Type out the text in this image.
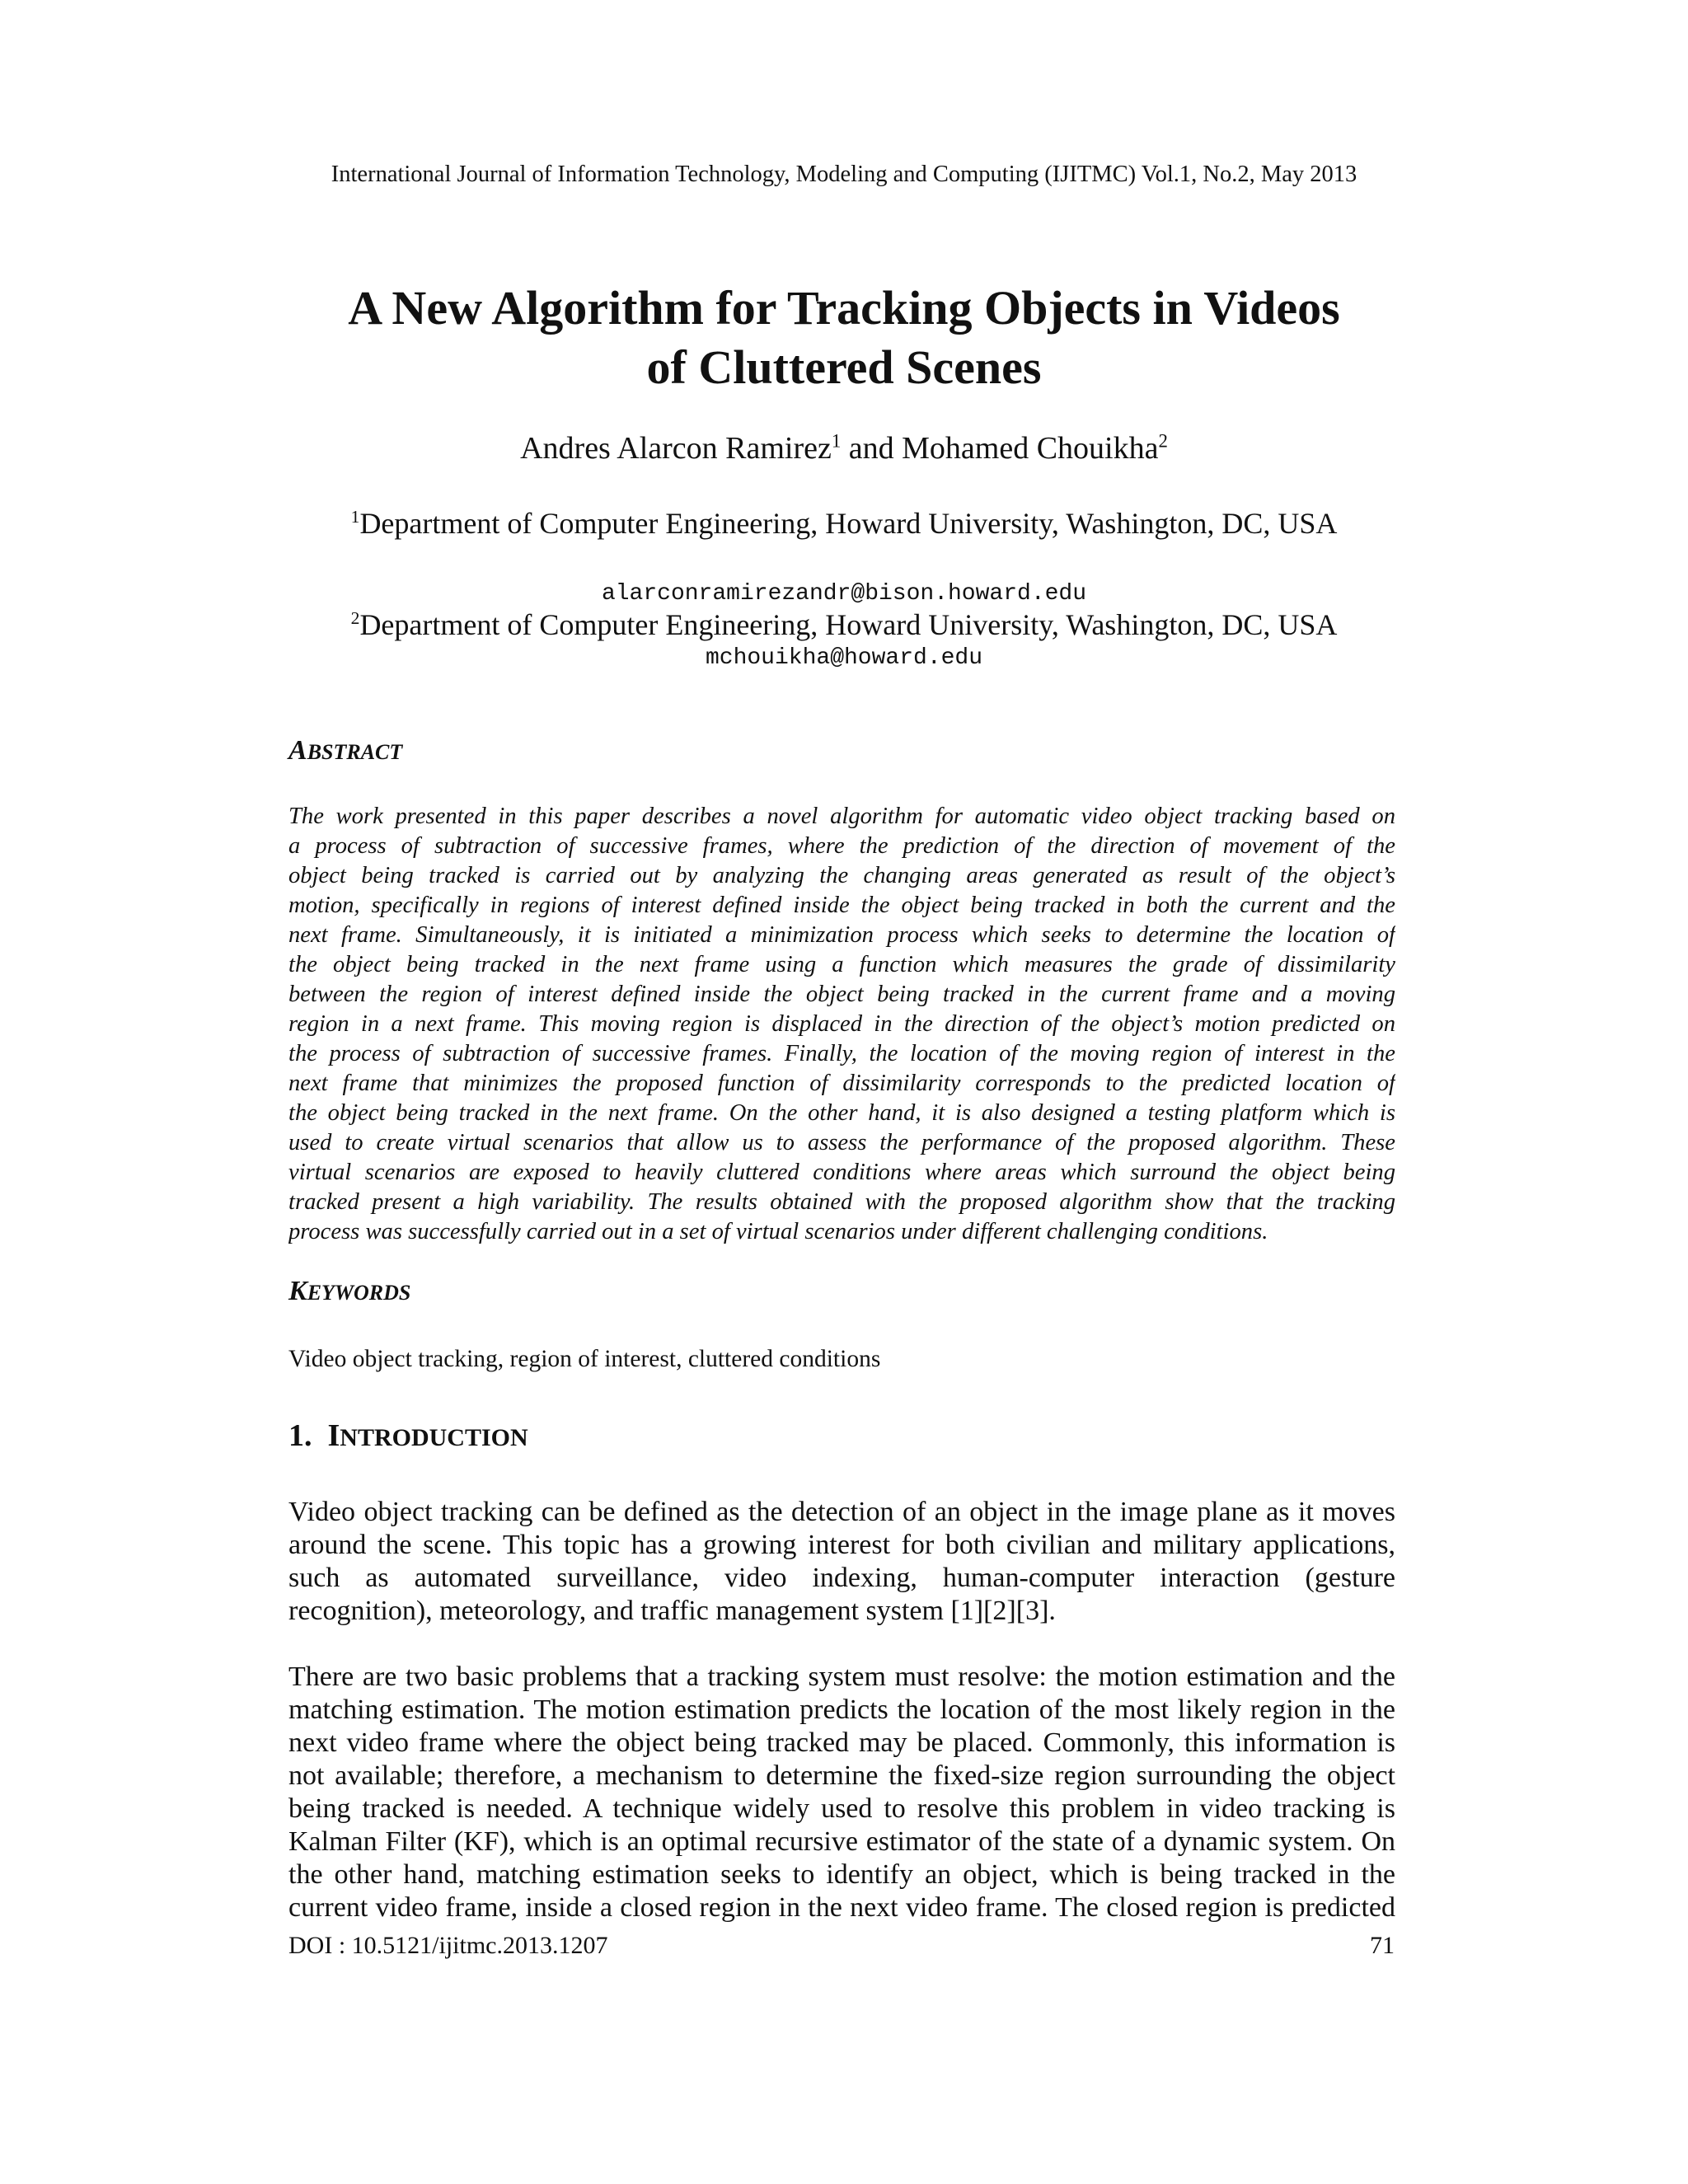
International Journal of Information Technology, Modeling and Computing (IJITMC) Vol.1, No.2, May 2013
A New Algorithm for Tracking Objects in Videos
of Cluttered Scenes
Andres Alarcon Ramirez$^1$ and Mohamed Chouikha$^2$
$^1$Department of Computer Engineering, Howard University, Washington, DC, USA
alarconramirezandr@bison.howard.edu
$^2$Department of Computer Engineering, Howard University, Washington, DC, USA
mchouikha@howard.edu
ABSTRACT
The work presented in this paper describes a novel algorithm for automatic video object tracking based on
a process of subtraction of successive frames, where the prediction of the direction of movement of the
object being tracked is carried out by analyzing the changing areas generated as result of the object’s
motion, specifically in regions of interest defined inside the object being tracked in both the current and the
next frame. Simultaneously, it is initiated a minimization process which seeks to determine the location of
the object being tracked in the next frame using a function which measures the grade of dissimilarity
between the region of interest defined inside the object being tracked in the current frame and a moving
region in a next frame. This moving region is displaced in the direction of the object’s motion predicted on
the process of subtraction of successive frames. Finally, the location of the moving region of interest in the
next frame that minimizes the proposed function of dissimilarity corresponds to the predicted location of
the object being tracked in the next frame. On the other hand, it is also designed a testing platform which is
used to create virtual scenarios that allow us to assess the performance of the proposed algorithm. These
virtual scenarios are exposed to heavily cluttered conditions where areas which surround the object being
tracked present a high variability. The results obtained with the proposed algorithm show that the tracking
process was successfully carried out in a set of virtual scenarios under different challenging conditions.
KEYWORDS
Video object tracking, region of interest, cluttered conditions
1. INTRODUCTION
Video object tracking can be defined as the detection of an object in the image plane as it moves
around the scene. This topic has a growing interest for both civilian and military applications,
such as automated surveillance, video indexing, human-computer interaction (gesture
recognition), meteorology, and traffic management system [1][2][3].
There are two basic problems that a tracking system must resolve: the motion estimation and the
matching estimation. The motion estimation predicts the location of the most likely region in the
next video frame where the object being tracked may be placed. Commonly, this information is
not available; therefore, a mechanism to determine the fixed-size region surrounding the object
being tracked is needed. A technique widely used to resolve this problem in video tracking is
Kalman Filter (KF), which is an optimal recursive estimator of the state of a dynamic system. On
the other hand, matching estimation seeks to identify an object, which is being tracked in the
current video frame, inside a closed region in the next video frame. The closed region is predicted
DOI : 10.5121/ijitmc.2013.1207	71
